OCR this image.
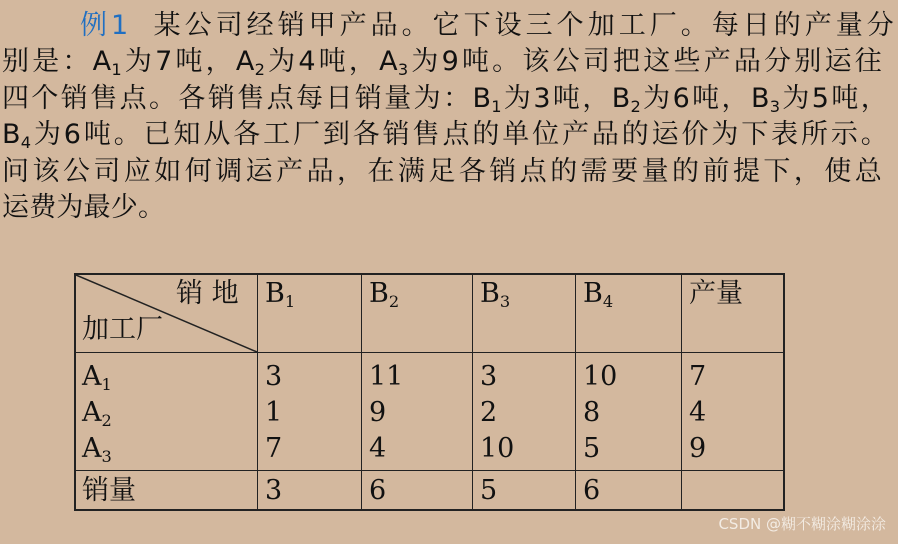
例1 某公司经销甲产品。它下设三个加工厂。每日的产量分
别是：$A_1$为7吨，$A_2$为4吨，$A_3$为9吨。该公司把这些产品分别运往
四个销售点。各销售点每日销量为：$B_1$为3吨，$B_2$为6吨，$B_3$为5吨，
$B_4$为6吨。已知从各工厂到各销售点的单位产品的运价为下表所示。
问该公司应如何调运产品，在满足各销点的需要量的前提下，使总
运费为最少。
销 地
加工厂
$B_1$	$B_2$	$B_3$	$B_4$	产量
$A_1$	3	11	3	10	7
$A_2$	1	9	2	8	4
$A_3$	7	4	10	5	9
销量	3	6	5	6
CSDN @糊不糊涂糊涂涂
